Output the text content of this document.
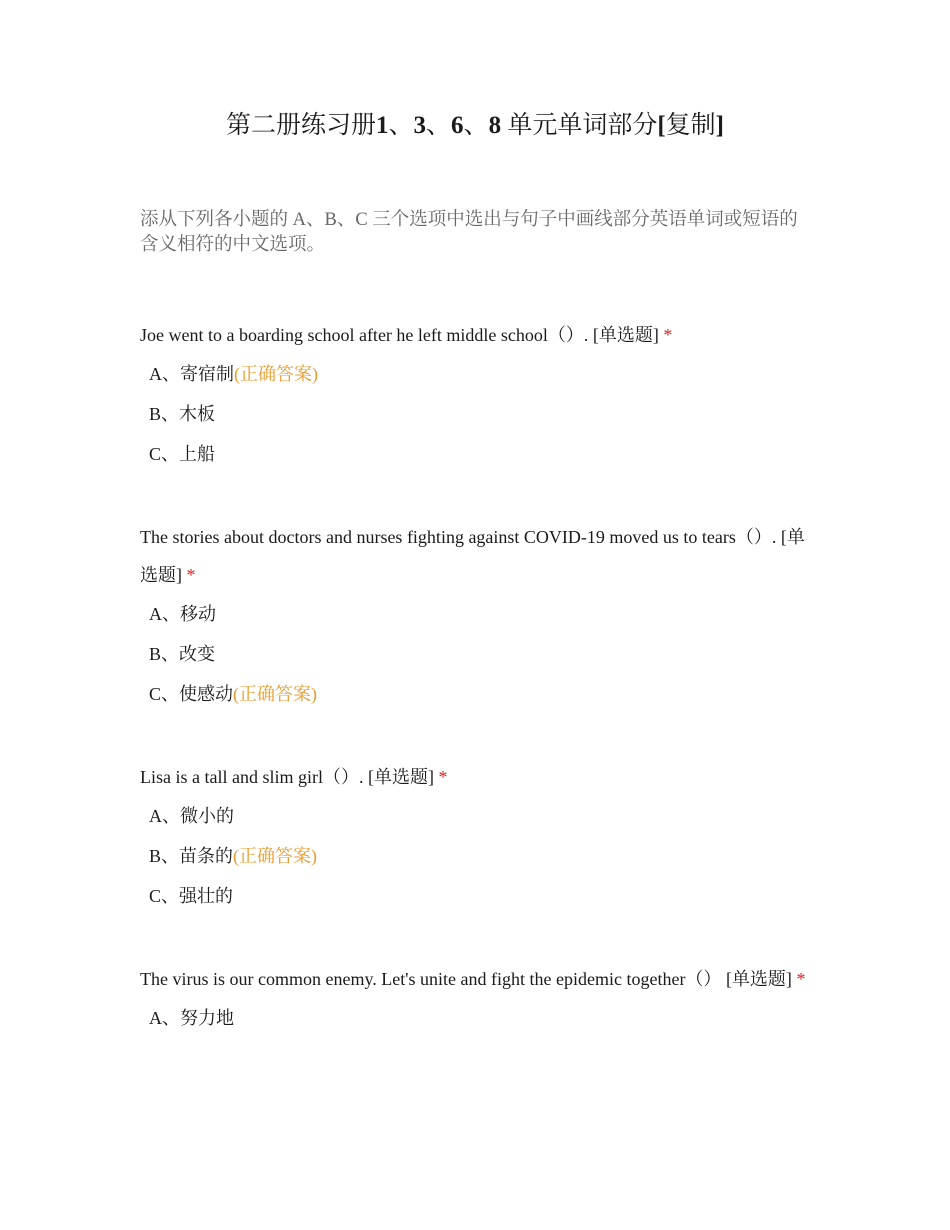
第二册练习册1、3、6、8 单元单词部分[复制]

添从下列各小题的 A、B、C 三个选项中选出与句子中画线部分英语单词或短语的含义相符的中文选项。

Joe went to a boarding school after he left middle school（）. [单选题] *

A、寄宿制(正确答案)
B、木板
C、上船

The stories about doctors and nurses fighting against COVID-19 moved us to tears（）. [单选题] *

A、移动
B、改变
C、使感动(正确答案)

Lisa is a tall and slim girl（）. [单选题] *

A、微小的
B、苗条的(正确答案)
C、强壮的

The virus is our common enemy. Let's unite and fight the epidemic together（） [单选题] *

A、努力地
